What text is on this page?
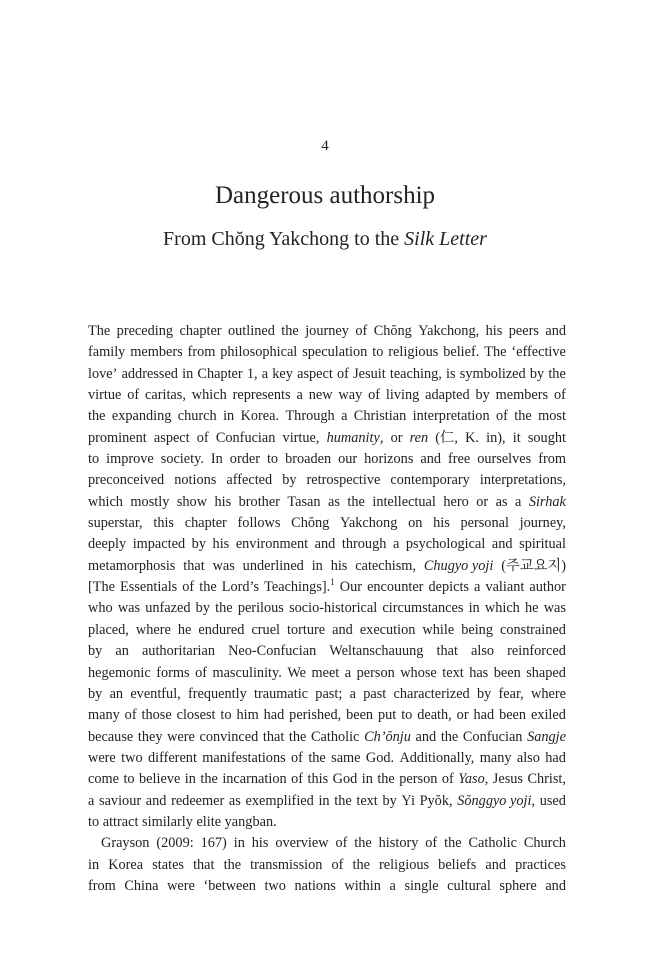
4
Dangerous authorship
From Chŏng Yakchong to the Silk Letter
The preceding chapter outlined the journey of Chŏng Yakchong, his peers and
family members from philosophical speculation to religious belief. The ‘effective
love’ addressed in Chapter 1, a key aspect of Jesuit teaching, is symbolized by the
virtue of caritas, which represents a new way of living adapted by members of
the expanding church in Korea. Through a Christian interpretation of the most
prominent aspect of Confucian virtue, humanity, or ren (仁, K. in), it sought
to improve society. In order to broaden our horizons and free ourselves from
preconceived notions affected by retrospective contemporary interpretations,
which mostly show his brother Tasan as the intellectual hero or as a Sirhak
superstar, this chapter follows Chŏng Yakchong on his personal journey,
deeply impacted by his environment and through a psychological and spiritual
metamorphosis that was underlined in his catechism, Chugyo yoji (주교요지)
[The Essentials of the Lord’s Teachings].$^1$ Our encounter depicts a valiant author
who was unfazed by the perilous socio-historical circumstances in which he was
placed, where he endured cruel torture and execution while being constrained
by an authoritarian Neo-Confucian Weltanschauung that also reinforced
hegemonic forms of masculinity. We meet a person whose text has been shaped
by an eventful, frequently traumatic past; a past characterized by fear, where
many of those closest to him had perished, been put to death, or had been exiled
because they were convinced that the Catholic Ch’ŏnju and the Confucian Sangje
were two different manifestations of the same God. Additionally, many also had
come to believe in the incarnation of this God in the person of Yaso, Jesus Christ,
a saviour and redeemer as exemplified in the text by Yi Pyŏk, Sŏnggyo yoji, used
to attract similarly elite yangban.
Grayson (2009: 167) in his overview of the history of the Catholic Church
in Korea states that the transmission of the religious beliefs and practices
from China were ‘between two nations within a single cultural sphere and
